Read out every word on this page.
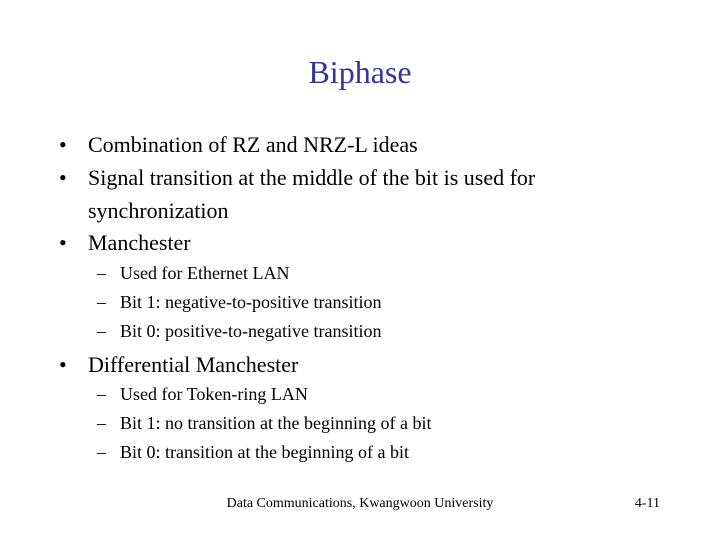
Biphase
• Combination of RZ and NRZ-L ideas
• Signal transition at the middle of the bit is used for synchronization
• Manchester
– Used for Ethernet LAN
– Bit 1: negative-to-positive transition
– Bit 0: positive-to-negative transition
• Differential Manchester
– Used for Token-ring LAN
– Bit 1: no transition at the beginning of a bit
– Bit 0: transition at the beginning of a bit
Data Communications, Kwangwoon University	4-11
